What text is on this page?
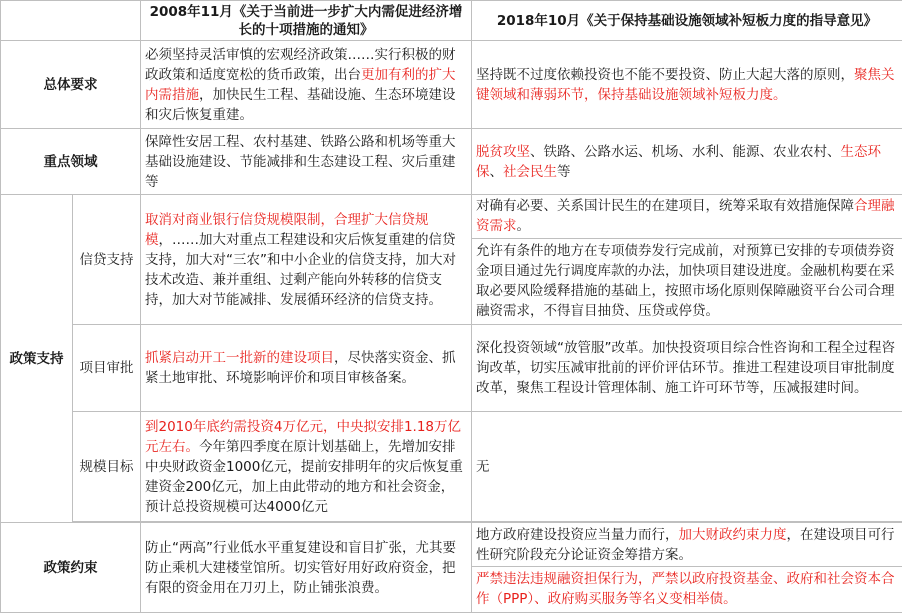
		2008年11月《关于当前进一步扩大内需促进经济增长的十项措施的通知》	2018年10月《关于保持基础设施领域补短板力度的指导意见》
总体要求		必须坚持灵活审慎的宏观经济政策……实行积极的财政政策和适度宽松的货币政策，出台更加有利的扩大内需措施，加快民生工程、基础设施、生态环境建设和灾后恢复重建。	坚持既不过度依赖投资也不能不要投资、防止大起大落的原则，聚焦关键领域和薄弱环节，保持基础设施领域补短板力度。
重点领域		保障性安居工程、农村基建、铁路公路和机场等重大基础设施建设、节能减排和生态建设工程、灾后重建等	脱贫攻坚、铁路、公路水运、机场、水利、能源、农业农村、生态环保、社会民生等
政策支持	信贷支持	取消对商业银行信贷规模限制，合理扩大信贷规模，……加大对重点工程建设和灾后恢复重建的信贷支持，加大对“三农”和中小企业的信贷支持，加大对技术改造、兼并重组、过剩产能向外转移的信贷支持，加大对节能减排、发展循环经济的信贷支持。	对确有必要、关系国计民生的在建项目，统筹采取有效措施保障合理融资需求。
			允许有条件的地方在专项债券发行完成前，对预算已安排的专项债券资金项目通过先行调度库款的办法，加快项目建设进度。金融机构要在采取必要风险缓释措施的基础上，按照市场化原则保障融资平台公司合理融资需求，不得盲目抽贷、压贷或停贷。
	项目审批	抓紧启动开工一批新的建设项目，尽快落实资金、抓紧土地审批、环境影响评价和项目审核备案。	深化投资领域“放管服”改革。加快投资项目综合性咨询和工程全过程咨询改革，切实压减审批前的评价评估环节。推进工程建设项目审批制度改革，聚焦工程设计管理体制、施工许可环节等，压减报建时间。
	规模目标	到2010年底约需投资4万亿元，中央拟安排1.18万亿元左右。今年第四季度在原计划基础上，先增加安排中央财政资金1000亿元，提前安排明年的灾后恢复重建资金200亿元，加上由此带动的地方和社会资金，预计总投资规模可达4000亿元	无

政策约束		防止“两高”行业低水平重复建设和盲目扩张，尤其要防止乘机大建楼堂馆所。切实管好用好政府资金，把有限的资金用在刀刃上，防止铺张浪费。	地方政府建设投资应当量力而行，加大财政约束力度，在建设项目可行性研究阶段充分论证资金筹措方案。
			严禁违法违规融资担保行为，严禁以政府投资基金、政府和社会资本合作（PPP）、政府购买服务等名义变相举债。
